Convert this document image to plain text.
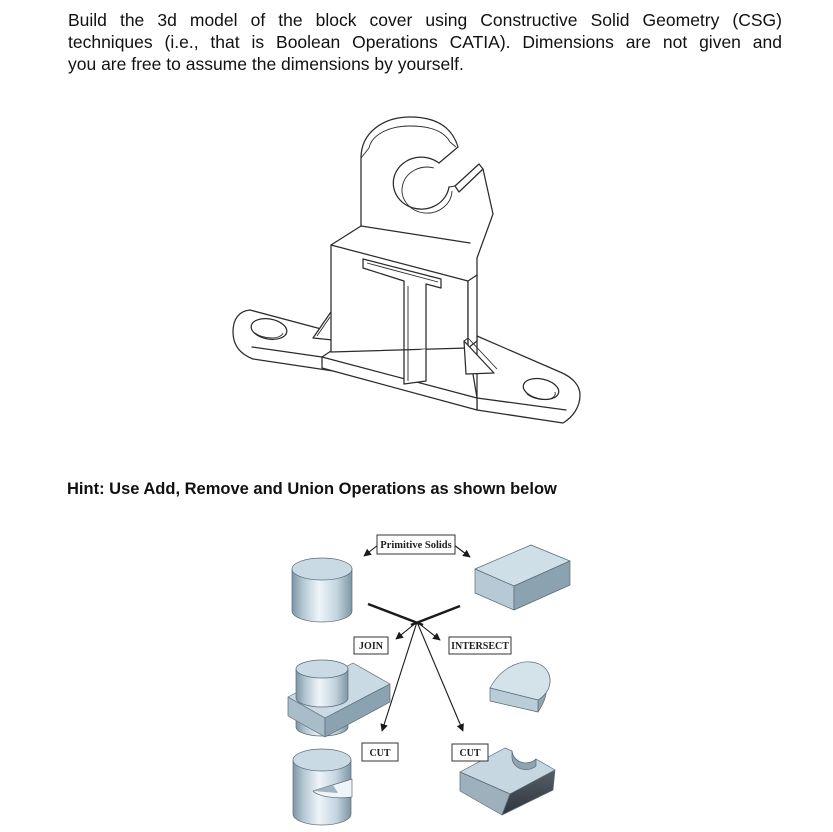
Build the 3d model of the block cover using Constructive Solid Geometry (CSG)
techniques (i.e., that is Boolean Operations CATIA). Dimensions are not given and
you are free to assume the dimensions by yourself.
Hint: Use Add, Remove and Union Operations as shown below
Primitive Solids
JOIN	INTERSECT
CUT	CUT
